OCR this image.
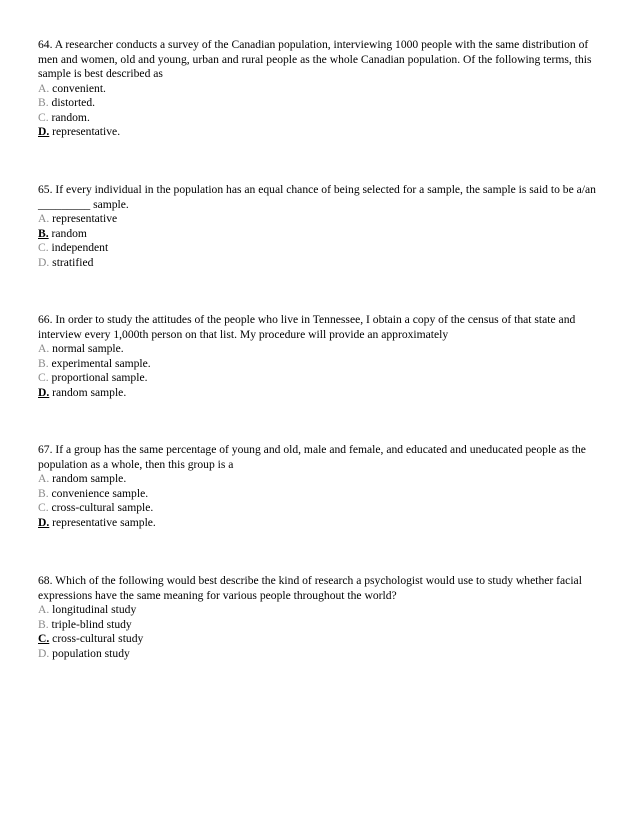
64. A researcher conducts a survey of the Canadian population, interviewing 1000 people with the same distribution of men and women, old and young, urban and rural people as the whole Canadian population. Of the following terms, this sample is best described as

A. convenient.

B. distorted.

C. random.

D. representative.

65. If every individual in the population has an equal chance of being selected for a sample, the sample is said to be a/an _________ sample.

A. representative

B. random

C. independent

D. stratified

66. In order to study the attitudes of the people who live in Tennessee, I obtain a copy of the census of that state and interview every 1,000th person on that list. My procedure will provide an approximately

A. normal sample.

B. experimental sample.

C. proportional sample.

D. random sample.

67. If a group has the same percentage of young and old, male and female, and educated and uneducated people as the population as a whole, then this group is a

A. random sample.

B. convenience sample.

C. cross-cultural sample.

D. representative sample.

68. Which of the following would best describe the kind of research a psychologist would use to study whether facial expressions have the same meaning for various people throughout the world?

A. longitudinal study

B. triple-blind study

C. cross-cultural study

D. population study
